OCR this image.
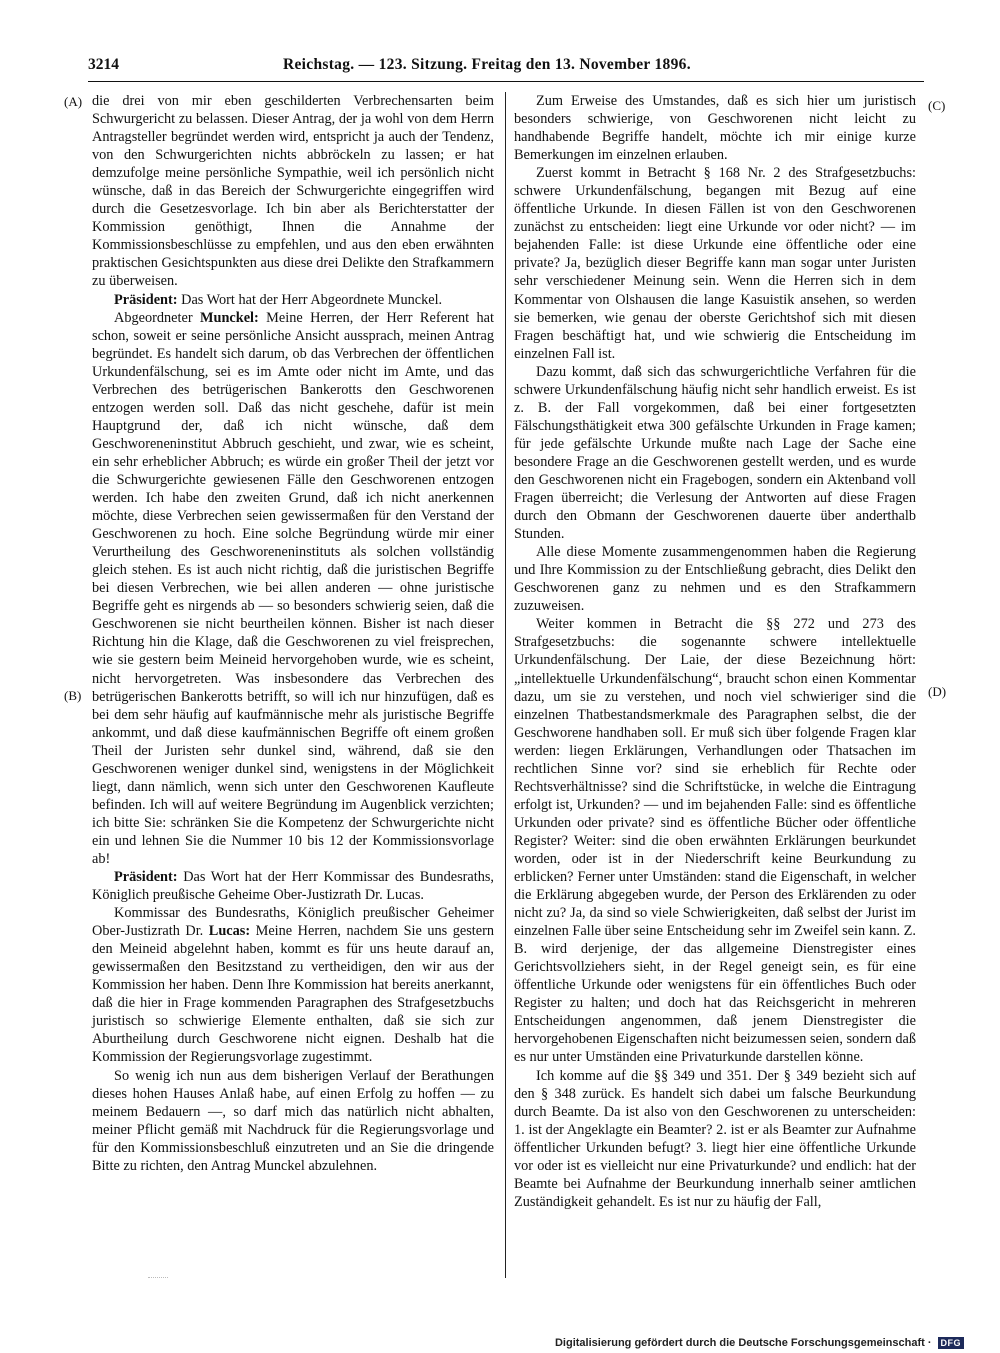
3214	Reichstag. — 123. Sitzung. Freitag den 13. November 1896.
(A)
(B)
(C)
(D)

die drei von mir eben geschilderten Verbrechensarten beim Schwurgericht zu belassen. Dieser Antrag, der ja wohl von dem Herrn Antragsteller begründet werden wird, entspricht ja auch der Tendenz, von den Schwurgerichten nichts abbröckeln zu lassen; er hat demzufolge meine persönliche Sympathie, weil ich persönlich nicht wünsche, daß in das Bereich der Schwurgerichte eingegriffen wird durch die Gesetzesvorlage. Ich bin aber als Berichterstatter der Kommission genöthigt, Ihnen die Annahme der Kommissionsbeschlüsse zu empfehlen, und aus den eben erwähnten praktischen Gesichtspunkten aus diese drei Delikte den Strafkammern zu überweisen.

Präsident: Das Wort hat der Herr Abgeordnete Munckel.

Abgeordneter Munckel: Meine Herren, der Herr Referent hat schon, soweit er seine persönliche Ansicht aussprach, meinen Antrag begründet. Es handelt sich darum, ob das Verbrechen der öffentlichen Urkundenfälschung, sei es im Amte oder nicht im Amte, und das Verbrechen des betrügerischen Bankerotts den Geschworenen entzogen werden soll. Daß das nicht geschehe, dafür ist mein Hauptgrund der, daß ich nicht wünsche, daß dem Geschworeneninstitut Abbruch geschieht, und zwar, wie es scheint, ein sehr erheblicher Abbruch; es würde ein großer Theil der jetzt vor die Schwurgerichte gewiesenen Fälle den Geschworenen entzogen werden. Ich habe den zweiten Grund, daß ich nicht anerkennen möchte, diese Verbrechen seien gewissermaßen für den Verstand der Geschworenen zu hoch. Eine solche Begründung würde mir einer Verurtheilung des Geschworeneninstituts als solchen vollständig gleich stehen. Es ist auch nicht richtig, daß die juristischen Begriffe bei diesen Verbrechen, wie bei allen anderen — ohne juristische Begriffe geht es nirgends ab — so besonders schwierig seien, daß die Geschworenen sie nicht beurtheilen können. Bisher ist nach dieser Richtung hin die Klage, daß die Geschworenen zu viel freisprechen, wie sie gestern beim Meineid hervorgehoben wurde, wie es scheint, nicht hervorgetreten. Was insbesondere das Verbrechen des betrügerischen Bankerotts betrifft, so will ich nur hinzufügen, daß es bei dem sehr häufig auf kaufmännische mehr als juristische Begriffe ankommt, und daß diese kaufmännischen Begriffe oft einem großen Theil der Juristen sehr dunkel sind, während, daß sie den Geschworenen weniger dunkel sind, wenigstens in der Möglichkeit liegt, dann nämlich, wenn sich unter den Geschworenen Kaufleute befinden. Ich will auf weitere Begründung im Augenblick verzichten; ich bitte Sie: schränken Sie die Kompetenz der Schwurgerichte nicht ein und lehnen Sie die Nummer 10 bis 12 der Kommissionsvorlage ab!

Präsident: Das Wort hat der Herr Kommissar des Bundesraths, Königlich preußische Geheime Ober-Justizrath Dr. Lucas.

Kommissar des Bundesraths, Königlich preußischer Geheimer Ober-Justizrath Dr. Lucas: Meine Herren, nachdem Sie uns gestern den Meineid abgelehnt haben, kommt es für uns heute darauf an, gewissermaßen den Besitzstand zu vertheidigen, den wir aus der Kommission her haben. Denn Ihre Kommission hat bereits anerkannt, daß die hier in Frage kommenden Paragraphen des Strafgesetzbuchs juristisch so schwierige Elemente enthalten, daß sie sich zur Aburtheilung durch Geschworene nicht eignen. Deshalb hat die Kommission der Regierungsvorlage zugestimmt.

So wenig ich nun aus dem bisherigen Verlauf der Berathungen dieses hohen Hauses Anlaß habe, auf einen Erfolg zu hoffen — zu meinem Bedauern —, so darf mich das natürlich nicht abhalten, meiner Pflicht gemäß mit Nachdruck für die Regierungsvorlage und für den Kommissionsbeschluß einzutreten und an Sie die dringende Bitte zu richten, den Antrag Munckel abzulehnen.

Zum Erweise des Umstandes, daß es sich hier um juristisch besonders schwierige, von Geschworenen nicht leicht zu handhabende Begriffe handelt, möchte ich mir einige kurze Bemerkungen im einzelnen erlauben.

Zuerst kommt in Betracht § 168 Nr. 2 des Strafgesetzbuchs: schwere Urkundenfälschung, begangen mit Bezug auf eine öffentliche Urkunde. In diesen Fällen ist von den Geschworenen zunächst zu entscheiden: liegt eine Urkunde vor oder nicht? — im bejahenden Falle: ist diese Urkunde eine öffentliche oder eine private? Ja, bezüglich dieser Begriffe kann man sogar unter Juristen sehr verschiedener Meinung sein. Wenn die Herren sich in dem Kommentar von Olshausen die lange Kasuistik ansehen, so werden sie bemerken, wie genau der oberste Gerichtshof sich mit diesen Fragen beschäftigt hat, und wie schwierig die Entscheidung im einzelnen Fall ist.

Dazu kommt, daß sich das schwurgerichtliche Verfahren für die schwere Urkundenfälschung häufig nicht sehr handlich erweist. Es ist z. B. der Fall vorgekommen, daß bei einer fortgesetzten Fälschungsthätigkeit etwa 300 gefälschte Urkunden in Frage kamen; für jede gefälschte Urkunde mußte nach Lage der Sache eine besondere Frage an die Geschworenen gestellt werden, und es wurde den Geschworenen nicht ein Fragebogen, sondern ein Aktenband voll Fragen überreicht; die Verlesung der Antworten auf diese Fragen durch den Obmann der Geschworenen dauerte über anderthalb Stunden.

Alle diese Momente zusammengenommen haben die Regierung und Ihre Kommission zu der Entschließung gebracht, dies Delikt den Geschworenen ganz zu nehmen und es den Strafkammern zuzuweisen.

Weiter kommen in Betracht die §§ 272 und 273 des Strafgesetzbuchs: die sogenannte schwere intellektuelle Urkundenfälschung. Der Laie, der diese Bezeichnung hört: „intellektuelle Urkundenfälschung“, braucht schon einen Kommentar dazu, um sie zu verstehen, und noch viel schwieriger sind die einzelnen Thatbestandsmerkmale des Paragraphen selbst, die der Geschworene handhaben soll. Er muß sich über folgende Fragen klar werden: liegen Erklärungen, Verhandlungen oder Thatsachen im rechtlichen Sinne vor? sind sie erheblich für Rechte oder Rechtsverhältnisse? sind die Schriftstücke, in welche die Eintragung erfolgt ist, Urkunden? — und im bejahenden Falle: sind es öffentliche Urkunden oder private? sind es öffentliche Bücher oder öffentliche Register? Weiter: sind die oben erwähnten Erklärungen beurkundet worden, oder ist in der Niederschrift keine Beurkundung zu erblicken? Ferner unter Umständen: stand die Eigenschaft, in welcher die Erklärung abgegeben wurde, der Person des Erklärenden zu oder nicht zu? Ja, da sind so viele Schwierigkeiten, daß selbst der Jurist im einzelnen Falle über seine Entscheidung sehr im Zweifel sein kann. Z. B. wird derjenige, der das allgemeine Dienstregister eines Gerichtsvollziehers sieht, in der Regel geneigt sein, es für eine öffentliche Urkunde oder wenigstens für ein öffentliches Buch oder Register zu halten; und doch hat das Reichsgericht in mehreren Entscheidungen angenommen, daß jenem Dienstregister die hervorgehobenen Eigenschaften nicht beizumessen seien, sondern daß es nur unter Umständen eine Privaturkunde darstellen könne.

Ich komme auf die §§ 349 und 351. Der § 349 bezieht sich auf den § 348 zurück. Es handelt sich dabei um falsche Beurkundung durch Beamte. Da ist also von den Geschworenen zu unterscheiden: 1. ist der Angeklagte ein Beamter? 2. ist er als Beamter zur Aufnahme öffentlicher Urkunden befugt? 3. liegt hier eine öffentliche Urkunde vor oder ist es vielleicht nur eine Privaturkunde? und endlich: hat der Beamte bei Aufnahme der Beurkundung innerhalb seiner amtlichen Zuständigkeit gehandelt. Es ist nur zu häufig der Fall,

Digitalisierung gefördert durch die Deutsche Forschungsgemeinschaft ·	DFG
